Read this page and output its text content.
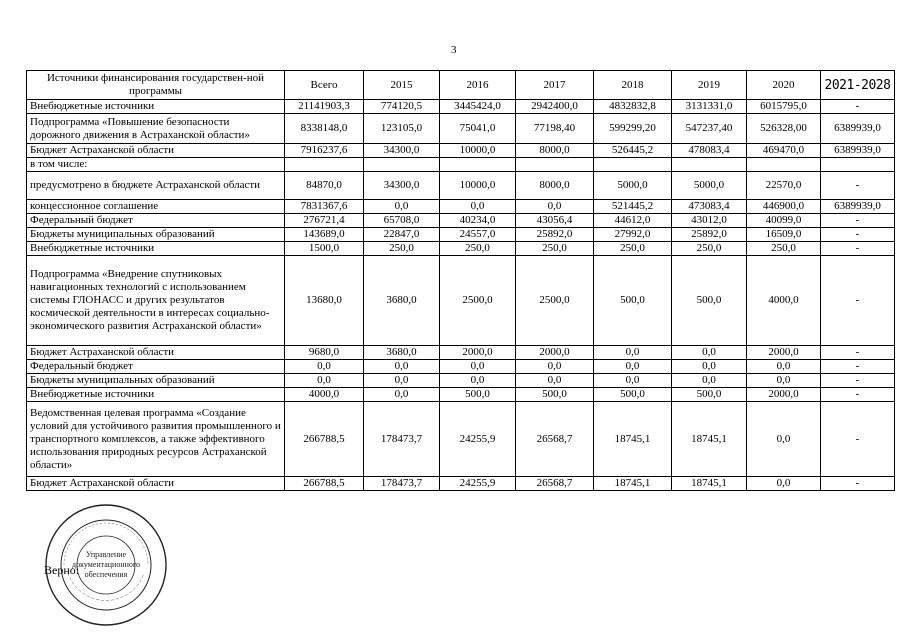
3
Источники финансирования государствен-ной программы	Всего	2015	2016	2017	2018	2019	2020	2021-2028
Внебюджетные источники	21141903,3	774120,5	3445424,0	2942400,0	4832832,8	3131331,0	6015795,0	-
Подпрограмма «Повышение безопасности дорожного движения в Астраханской области»	8338148,0	123105,0	75041,0	77198,40	599299,20	547237,40	526328,00	6389939,0
Бюджет Астраханской области	7916237,6	34300,0	10000,0	8000,0	526445,2	478083,4	469470,0	6389939,0
в том числе:								
предусмотрено в бюджете Астраханской области	84870,0	34300,0	10000,0	8000,0	5000,0	5000,0	22570,0	-
концессионное соглашение	7831367,6	0,0	0,0	0,0	521445,2	473083,4	446900,0	6389939,0
Федеральный бюджет	276721,4	65708,0	40234,0	43056,4	44612,0	43012,0	40099,0	-
Бюджеты муниципальных образований	143689,0	22847,0	24557,0	25892,0	27992,0	25892,0	16509,0	-
Внебюджетные источники	1500,0	250,0	250,0	250,0	250,0	250,0	250,0	-
Подпрограмма «Внедрение спутниковых навигационных технологий с использованием системы ГЛОНАСС и других результатов космической деятельности в интересах социально-экономического развития Астраханской области»	13680,0	3680,0	2500,0	2500,0	500,0	500,0	4000,0	-
Бюджет Астраханской области	9680,0	3680,0	2000,0	2000,0	0,0	0,0	2000,0	-
Федеральный бюджет	0,0	0,0	0,0	0,0	0,0	0,0	0,0	-
Бюджеты муниципальных образований	0,0	0,0	0,0	0,0	0,0	0,0	0,0	-
Внебюджетные источники	4000,0	0,0	500,0	500,0	500,0	500,0	2000,0	-
Ведомственная целевая программа «Создание условий для устойчивого развития промышленного и транспортного комплексов, а также эффективного использования природных ресурсов Астраханской области»	266788,5	178473,7	24255,9	26568,7	18745,1	18745,1	0,0	-
Бюджет Астраханской области	266788,5	178473,7	24255,9	26568,7	18745,1	18745,1	0,0	-
Управление документационного обеспечения
Верно:
